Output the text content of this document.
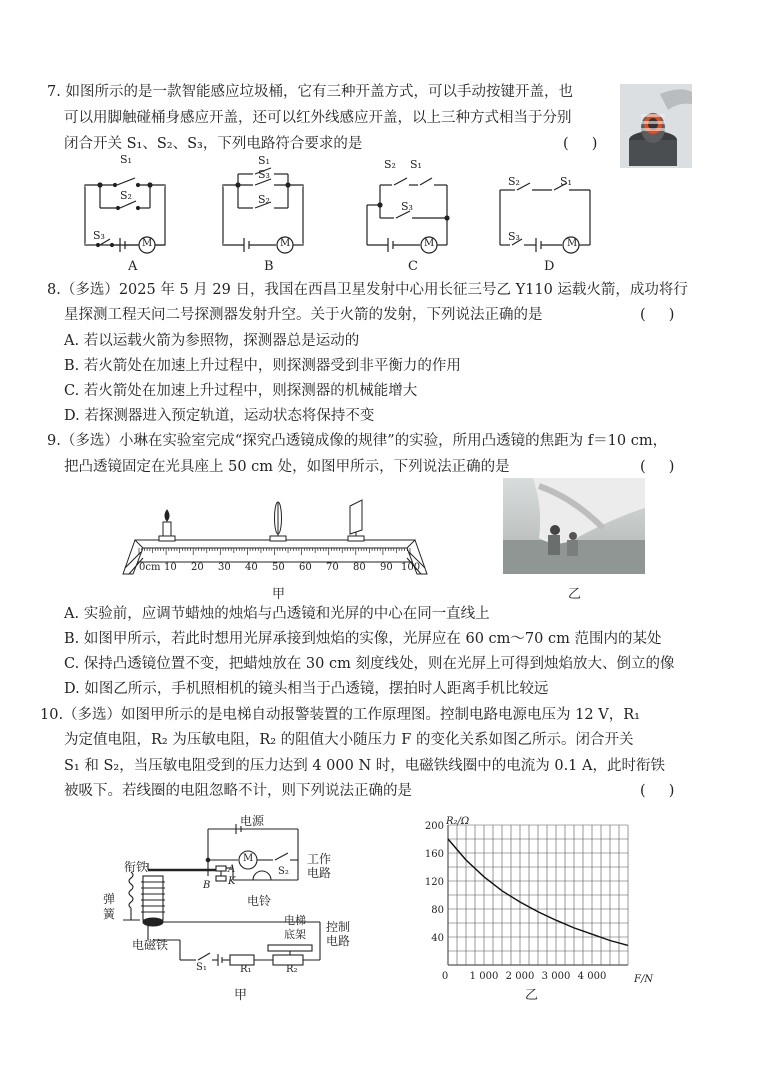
7. 如图所示的是一款智能感应垃圾桶，它有三种开盖方式，可以手动按键开盖，也
可以用脚触碰桶身感应开盖，还可以红外线感应开盖，以上三种方式相当于分别
闭合开关 S₁、S₂、S₃，下列电路符合要求的是	(     )
S₁
S₂
S₃
M
S₁
S₃
S₂
M
S₂ S₁
S₃
M
S₂	S₁
S₃
M
A	B	C	D
8.（多选）2025 年 5 月 29 日，我国在西昌卫星发射中心用长征三号乙 Y110 运载火箭，成功将行
星探测工程天问二号探测器发射升空。关于火箭的发射，下列说法正确的是	(     )
A. 若以运载火箭为参照物，探测器总是运动的
B. 若火箭处在加速上升过程中，则探测器受到非平衡力的作用
C. 若火箭处在加速上升过程中，则探测器的机械能增大
D. 若探测器进入预定轨道，运动状态将保持不变
9.（多选）小琳在实验室完成“探究凸透镜成像的规律”的实验，所用凸透镜的焦距为 f＝10 cm，
把凸透镜固定在光具座上 50 cm 处，如图甲所示，下列说法正确的是	(     )
0cm 10 20 30 40 50 60 70 80 90 100
甲	乙
A. 实验前，应调节蜡烛的烛焰与凸透镜和光屏的中心在同一直线上
B. 如图甲所示，若此时想用光屏承接到烛焰的实像，光屏应在 60 cm～70 cm 范围内的某处
C. 保持凸透镜位置不变，把蜡烛放在 30 cm 刻度线处，则在光屏上可得到烛焰放大、倒立的像
D. 如图乙所示，手机照相机的镜头相当于凸透镜，摆拍时人距离手机比较远
10.（多选）如图甲所示的是电梯自动报警装置的工作原理图。控制电路电源电压为 12 V，R₁
为定值电阻，R₂ 为压敏电阻，R₂ 的阻值大小随压力 F 的变化关系如图乙所示。闭合开关
S₁ 和 S₂，当压敏电阻受到的压力达到 4 000 N 时，电磁铁线圈中的电流为 0.1 A，此时衔铁
被吸下。若线圈的电阻忽略不计，则下列说法正确的是	(     )
电源
工作
电路
M
S₂
A
K
B
衔铁
弹
簧
电磁铁
电铃
电梯
底架
控制
电路
S₁	R₁	R₂
甲
40
80
120
160
200
0 1 000 2 000 3 000 4 000
R₂/Ω
F/N
乙
